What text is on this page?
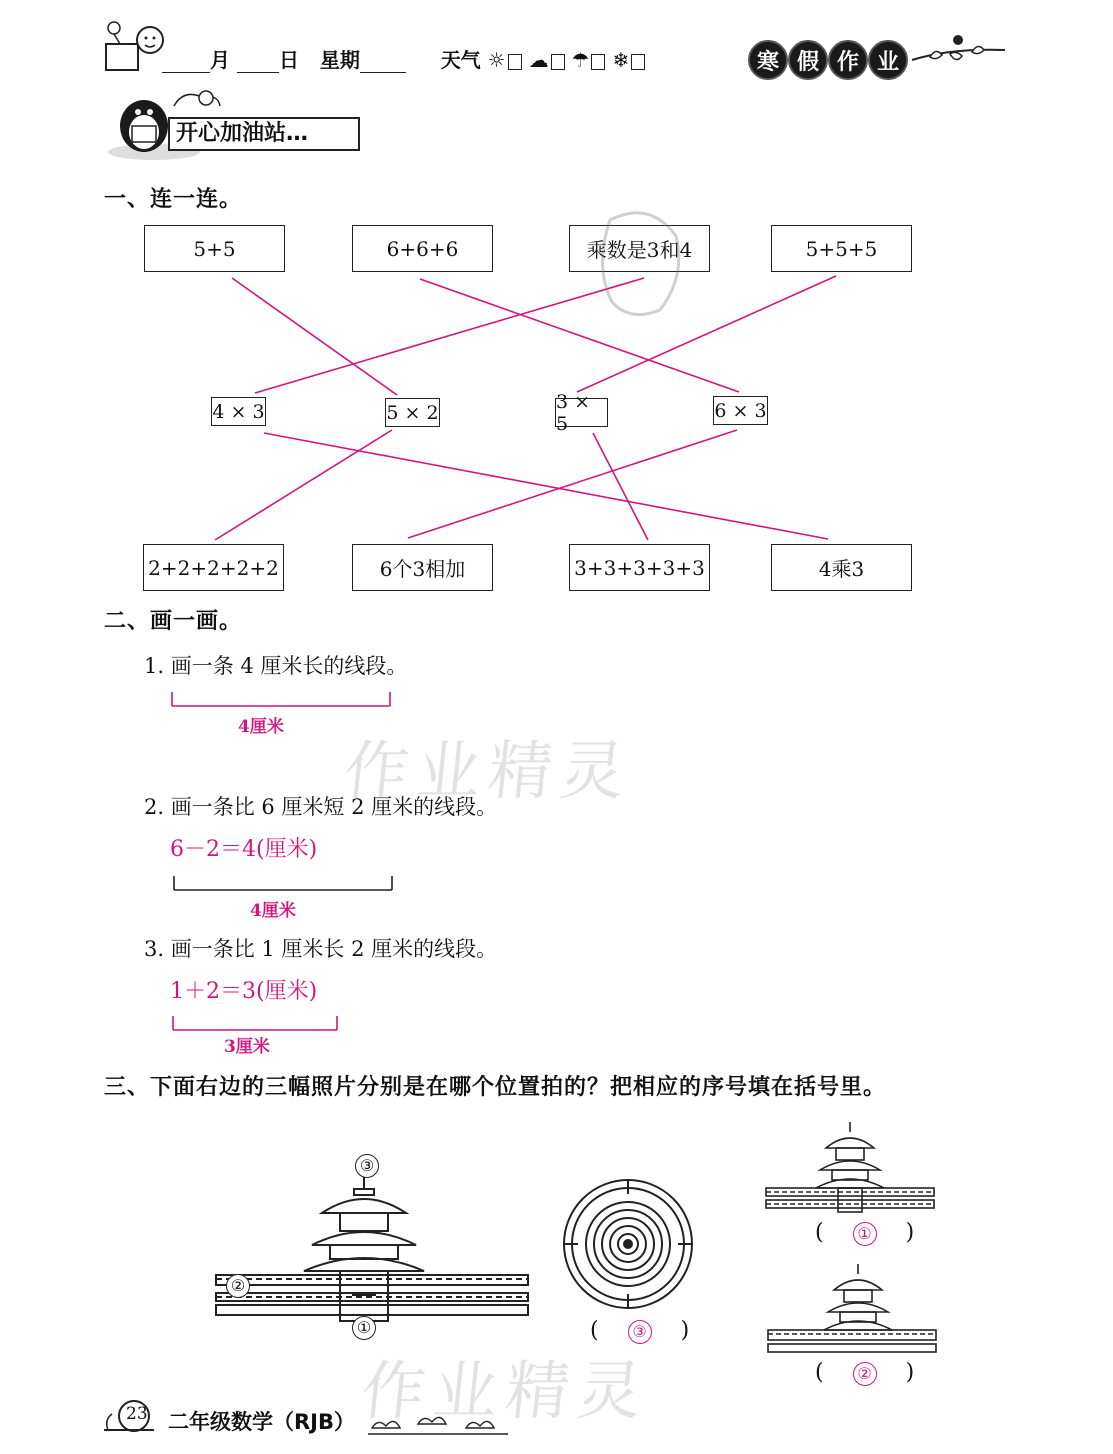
月 日 星期	天气 ☼ ☁ ☂ ❄	寒 假 作 业
开心加油站…
一、连一连。
5+5	6+6+6	乘数是3和4	5+5+5
4 × 3	5 × 2	3 × 5
6 × 3
2+2+2+2+2	6个3相加	3+3+3+3+3	4乘3
二、画一画。
1. 画一条 4 厘米长的线段。
4厘米
2. 画一条比 6 厘米短 2 厘米的线段。
6－2＝4(厘米)
4厘米
3. 画一条比 1 厘米长 2 厘米的线段。
1＋2＝3(厘米)
3厘米
三、下面右边的三幅照片分别是在哪个位置拍的？把相应的序号填在括号里。
③
②
①	( ③ )
( ① )
( ② )
作业精灵
作业精灵
23 二年级数学（RJB）
